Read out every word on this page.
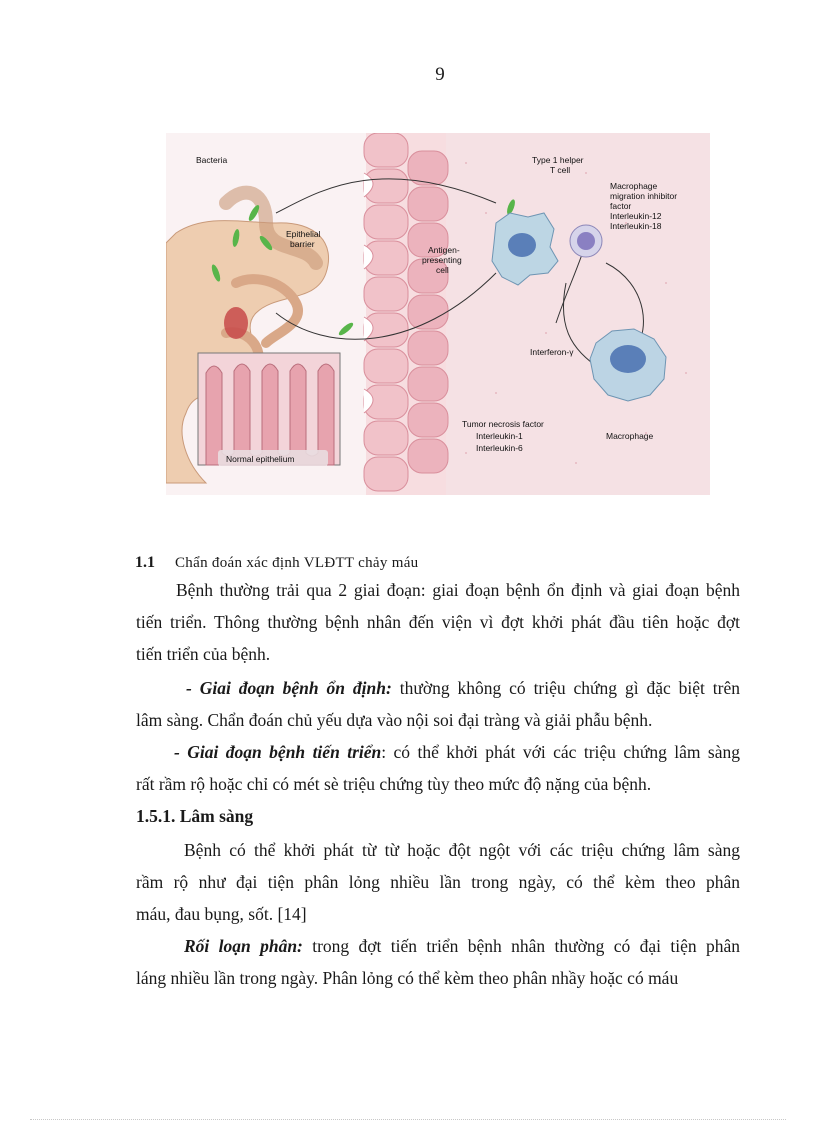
9
Bacteria
Epithelial
barrier
Antigen-
presenting
cell
Type 1 helper
T cell
Macrophage
migration inhibitor
factor
Interleukin-12
Interleukin-18
Interferon-γ
Tumor necrosis factor
Interleukin-1
Interleukin-6
Macrophage
Normal epithelium
1.1	Chẩn đoán xác định VLĐTT chảy máu
Bệnh thường trải qua 2 giai đoạn: giai đoạn bệnh ổn định và giai đoạn bệnh
tiến triển. Thông thường bệnh nhân đến viện vì đợt khởi phát đầu tiên hoặc đợt
tiến triển của bệnh.
- Giai đoạn bệnh ổn định: thường không có triệu chứng gì đặc biệt trên
lâm sàng. Chẩn đoán chủ yếu dựa vào nội soi đại tràng và giải phẫu bệnh.
- Giai đoạn bệnh tiến triển: có thể khởi phát với các triệu chứng lâm sàng
rất rầm rộ hoặc chỉ có mét sè triệu chứng tùy theo mức độ nặng của bệnh.
1.5.1. Lâm sàng
Bệnh có thể khởi phát từ từ hoặc đột ngột với các triệu chứng lâm sàng
rầm rộ như đại tiện phân lỏng nhiều lần trong ngày, có thể kèm theo phân
máu, đau bụng, sốt. [14]
Rối loạn phân: trong đợt tiến triển bệnh nhân thường có đại tiện phân
láng nhiều lần trong ngày. Phân lỏng có thể kèm theo phân nhầy hoặc có máu
